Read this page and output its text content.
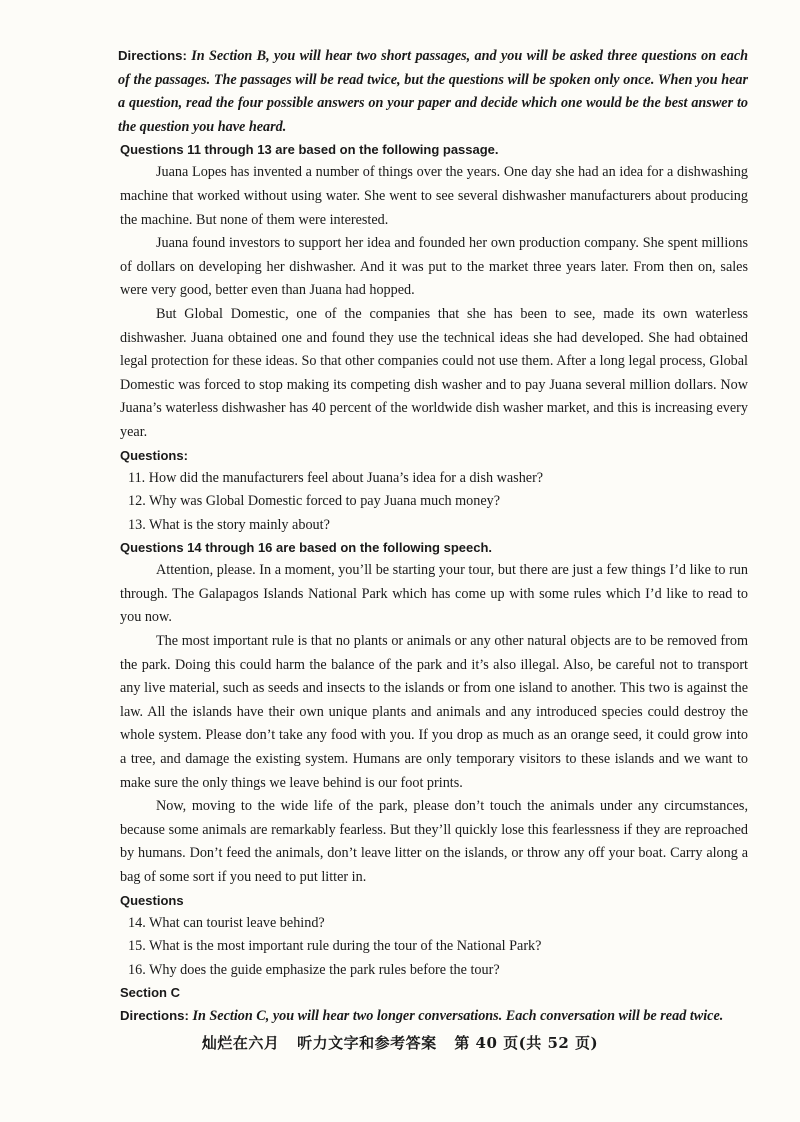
Directions: In Section B, you will hear two short passages, and you will be asked three questions on each of the passages. The passages will be read twice, but the questions will be spoken only once. When you hear a question, read the four possible answers on your paper and decide which one would be the best answer to the question you have heard.

Questions 11 through 13 are based on the following passage.

Juana Lopes has invented a number of things over the years. One day she had an idea for a dishwashing machine that worked without using water. She went to see several dishwasher manufacturers about producing the machine. But none of them were interested.

Juana found investors to support her idea and founded her own production company. She spent millions of dollars on developing her dishwasher. And it was put to the market three years later. From then on, sales were very good, better even than Juana had hopped.

But Global Domestic, one of the companies that she has been to see, made its own waterless dishwasher. Juana obtained one and found they use the technical ideas she had developed. She had obtained legal protection for these ideas. So that other companies could not use them. After a long legal process, Global Domestic was forced to stop making its competing dish washer and to pay Juana several million dollars. Now Juana’s waterless dishwasher has 40 percent of the worldwide dish washer market, and this is increasing every year.

Questions:

11. How did the manufacturers feel about Juana’s idea for a dish washer?

12. Why was Global Domestic forced to pay Juana much money?

13. What is the story mainly about?

Questions 14 through 16 are based on the following speech.

Attention, please. In a moment, you’ll be starting your tour, but there are just a few things I’d like to run through. The Galapagos Islands National Park which has come up with some rules which I’d like to read to you now.

The most important rule is that no plants or animals or any other natural objects are to be removed from the park. Doing this could harm the balance of the park and it’s also illegal. Also, be careful not to transport any live material, such as seeds and insects to the islands or from one island to another. This two is against the law. All the islands have their own unique plants and animals and any introduced species could destroy the whole system. Please don’t take any food with you. If you drop as much as an orange seed, it could grow into a tree, and damage the existing system. Humans are only temporary visitors to these islands and we want to make sure the only things we leave behind is our foot prints.

Now, moving to the wide life of the park, please don’t touch the animals under any circumstances, because some animals are remarkably fearless. But they’ll quickly lose this fearlessness if they are reproached by humans. Don’t feed the animals, don’t leave litter on the islands, or throw any off your boat. Carry along a bag of some sort if you need to put litter in.

Questions

14. What can tourist leave behind?

15. What is the most important rule during the tour of the National Park?

16. Why does the guide emphasize the park rules before the tour?

Section C

Directions: In Section C, you will hear two longer conversations. Each conversation will be read twice.

灿烂在六月 听力文字和参考答案 第 40 页(共 52 页)
